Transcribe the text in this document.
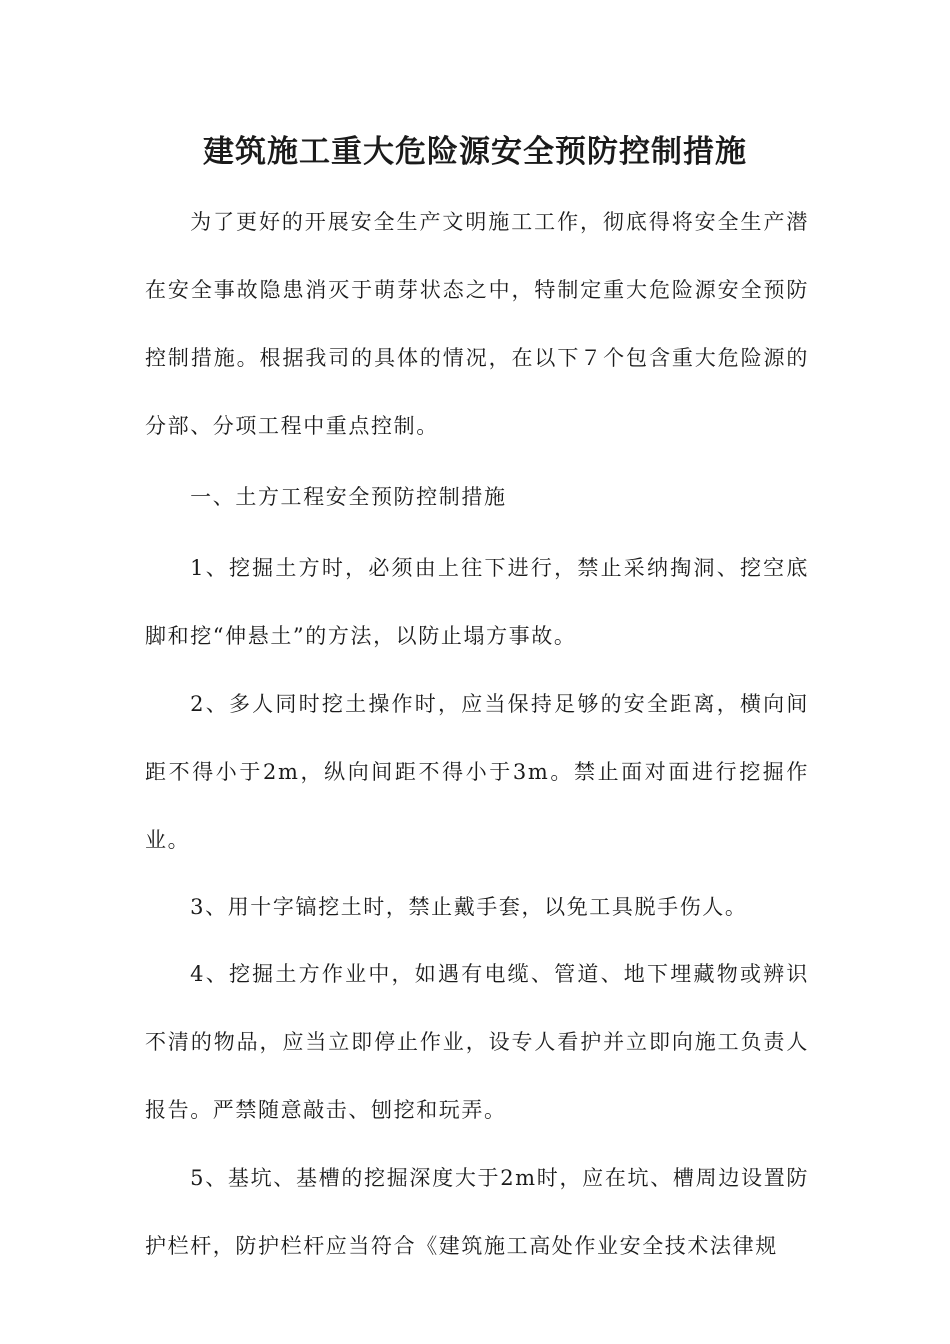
建筑施工重大危险源安全预防控制措施

为了更好的开展安全生产文明施工工作，彻底得将安全生产潜在安全事故隐患消灭于萌芽状态之中，特制定重大危险源安全预防控制措施。根据我司的具体的情况，在以下７个包含重大危险源的分部、分项工程中重点控制。

一、土方工程安全预防控制措施

1、挖掘土方时，必须由上往下进行，禁止采纳掏洞、挖空底脚和挖“伸悬土”的方法，以防止塌方事故。

2、多人同时挖土操作时，应当保持足够的安全距离，横向间距不得小于2m，纵向间距不得小于3m。禁止面对面进行挖掘作业。

3、用十字镐挖土时，禁止戴手套，以免工具脱手伤人。

4、挖掘土方作业中，如遇有电缆、管道、地下埋藏物或辨识不清的物品，应当立即停止作业，设专人看护并立即向施工负责人报告。严禁随意敲击、刨挖和玩弄。

5、基坑、基槽的挖掘深度大于2m时，应在坑、槽周边设置防护栏杆，防护栏杆应当符合《建筑施工高处作业安全技术法律规
